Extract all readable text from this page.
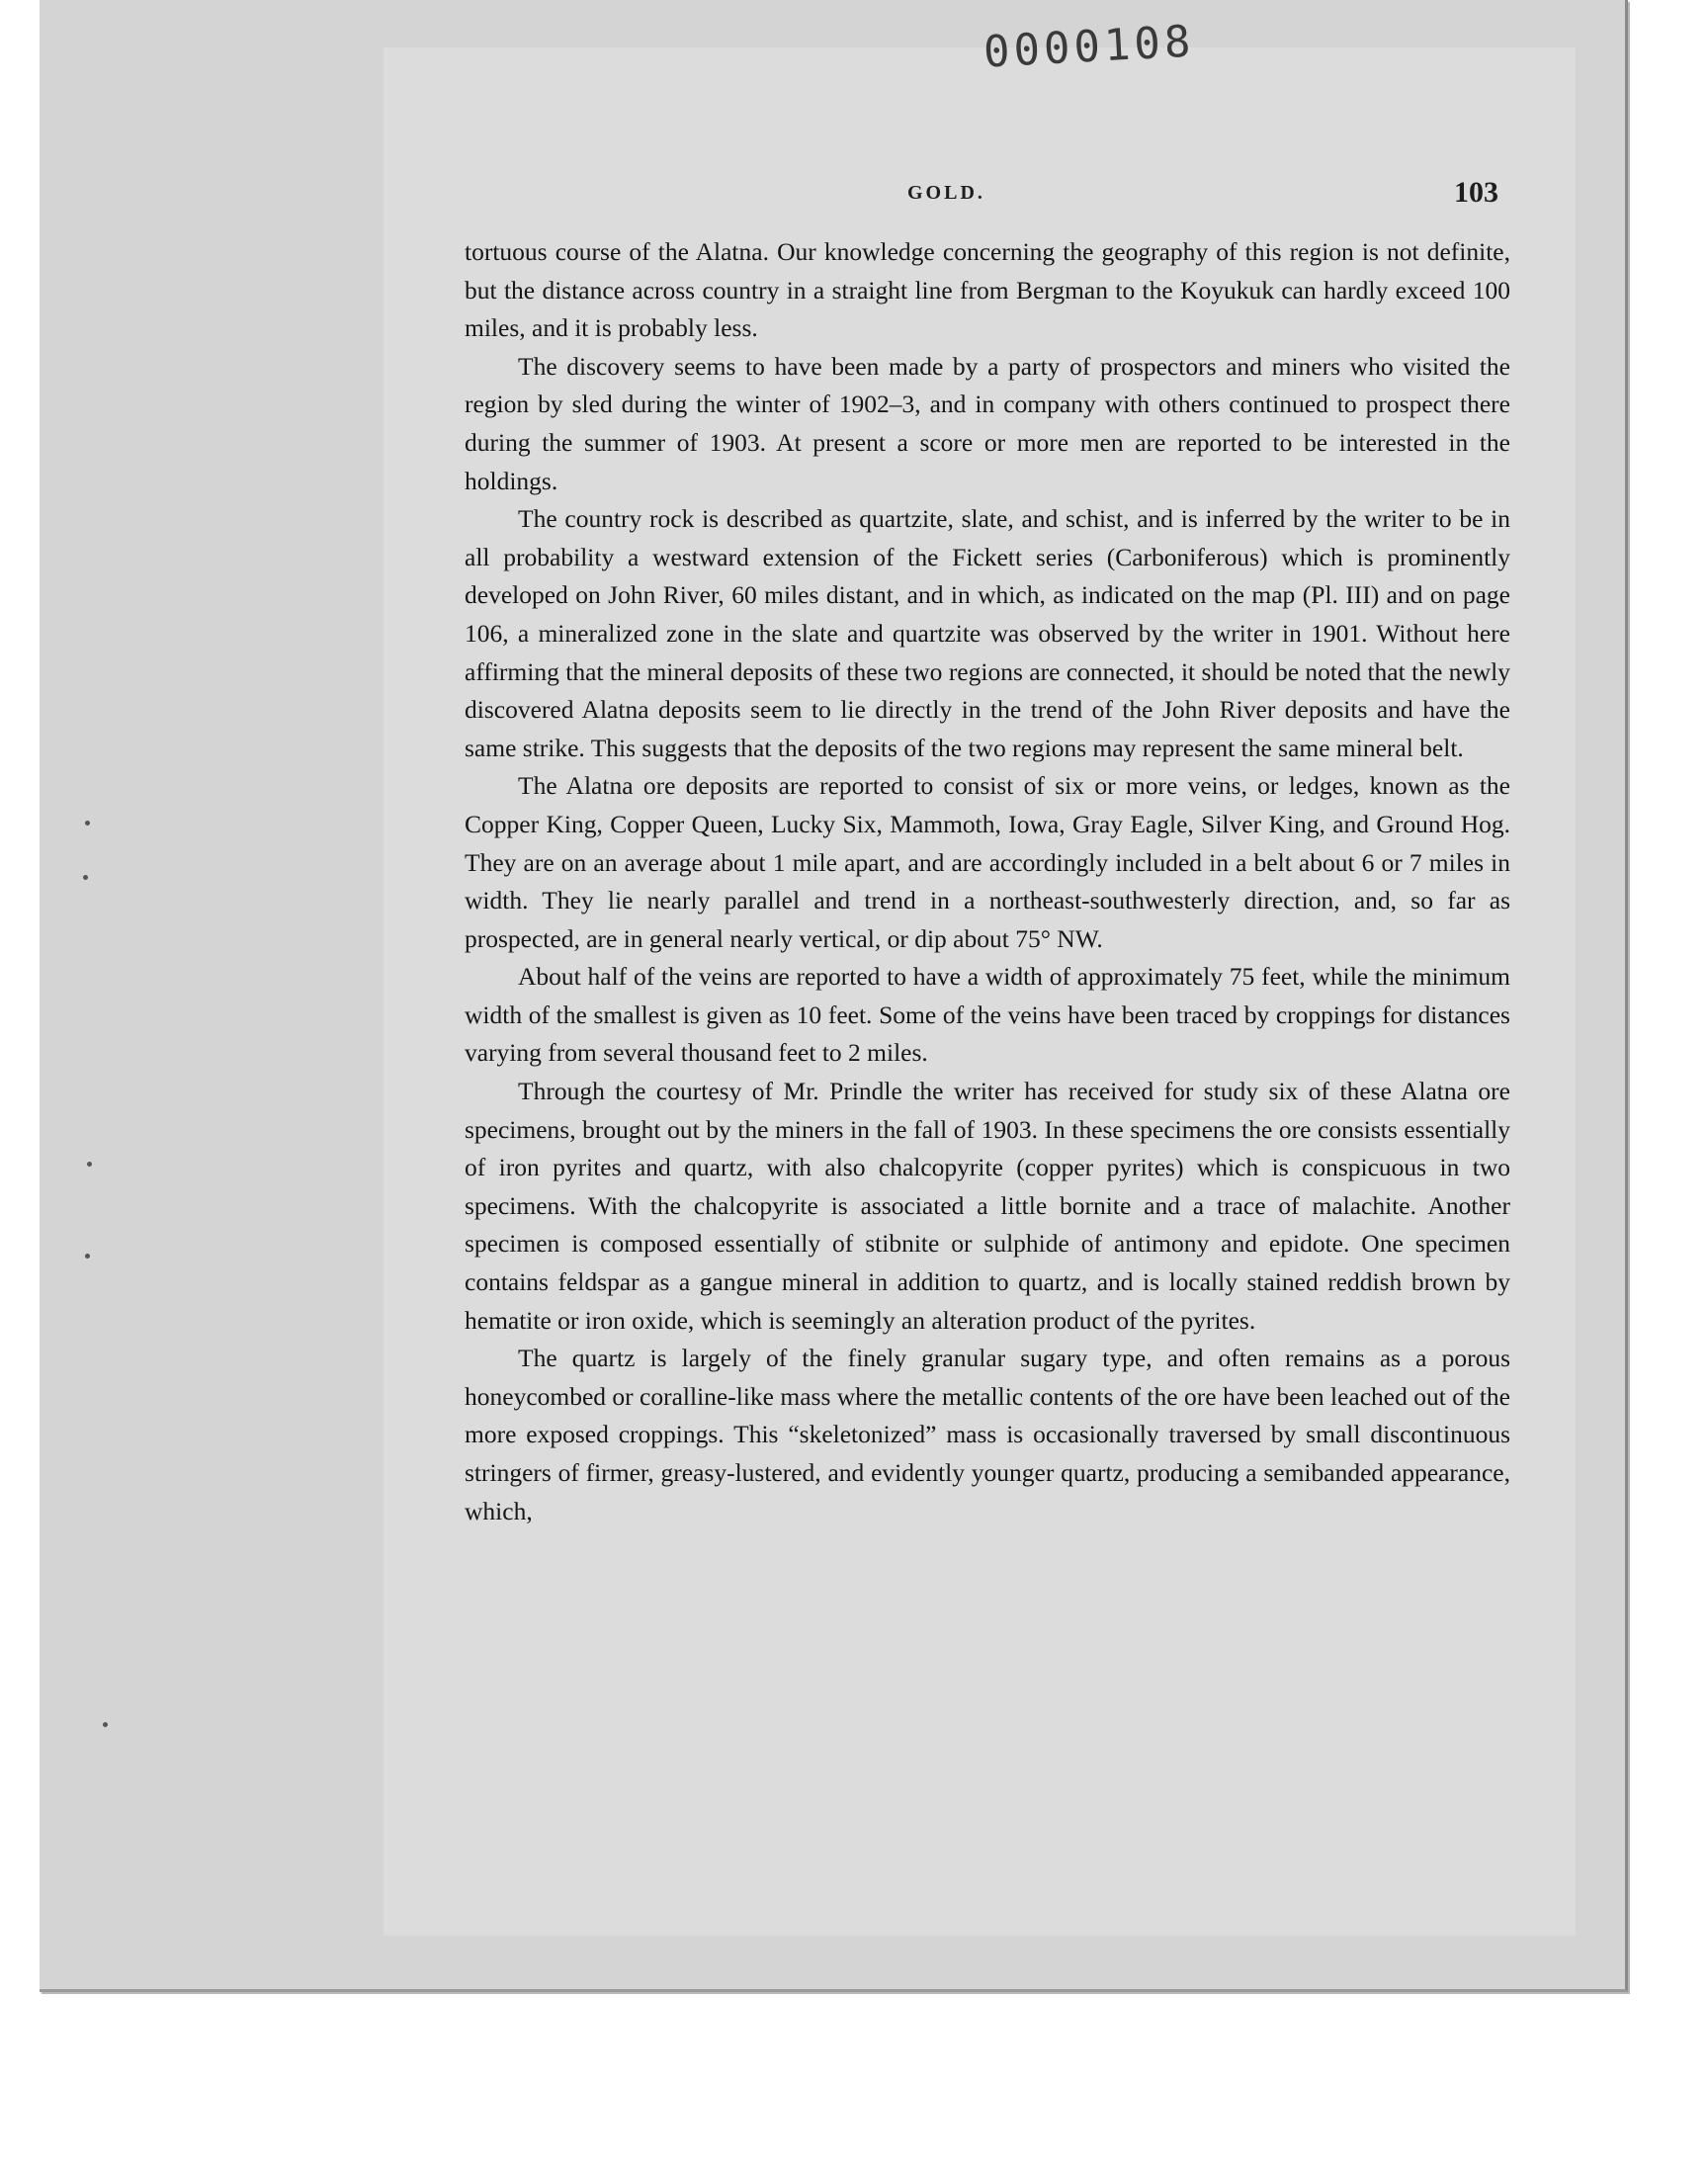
0000108
GOLD.	103

tortuous course of the Alatna. Our knowledge concerning the geography of this region is not definite, but the distance across country in a straight line from Bergman to the Koyukuk can hardly exceed 100 miles, and it is probably less.

The discovery seems to have been made by a party of prospectors and miners who visited the region by sled during the winter of 1902–3, and in company with others continued to prospect there during the summer of 1903. At present a score or more men are reported to be interested in the holdings.

The country rock is described as quartzite, slate, and schist, and is inferred by the writer to be in all probability a westward extension of the Fickett series (Carboniferous) which is prominently developed on John River, 60 miles distant, and in which, as indicated on the map (Pl. III) and on page 106, a mineralized zone in the slate and quartzite was observed by the writer in 1901. Without here affirming that the mineral deposits of these two regions are connected, it should be noted that the newly discovered Alatna deposits seem to lie directly in the trend of the John River deposits and have the same strike. This suggests that the deposits of the two regions may represent the same mineral belt.

The Alatna ore deposits are reported to consist of six or more veins, or ledges, known as the Copper King, Copper Queen, Lucky Six, Mammoth, Iowa, Gray Eagle, Silver King, and Ground Hog. They are on an average about 1 mile apart, and are accordingly included in a belt about 6 or 7 miles in width. They lie nearly parallel and trend in a northeast-southwesterly direction, and, so far as prospected, are in general nearly vertical, or dip about 75° NW.

About half of the veins are reported to have a width of approximately 75 feet, while the minimum width of the smallest is given as 10 feet. Some of the veins have been traced by croppings for distances varying from several thousand feet to 2 miles.

Through the courtesy of Mr. Prindle the writer has received for study six of these Alatna ore specimens, brought out by the miners in the fall of 1903. In these specimens the ore consists essentially of iron pyrites and quartz, with also chalcopyrite (copper pyrites) which is conspicuous in two specimens. With the chalcopyrite is associated a little bornite and a trace of malachite. Another specimen is composed essentially of stibnite or sulphide of antimony and epidote. One specimen contains feldspar as a gangue mineral in addition to quartz, and is locally stained reddish brown by hematite or iron oxide, which is seemingly an alteration product of the pyrites.

The quartz is largely of the finely granular sugary type, and often remains as a porous honeycombed or coralline-like mass where the metallic contents of the ore have been leached out of the more exposed croppings. This “skeletonized” mass is occasionally traversed by small discontinuous stringers of firmer, greasy-lustered, and evidently younger quartz, producing a semibanded appearance, which,
